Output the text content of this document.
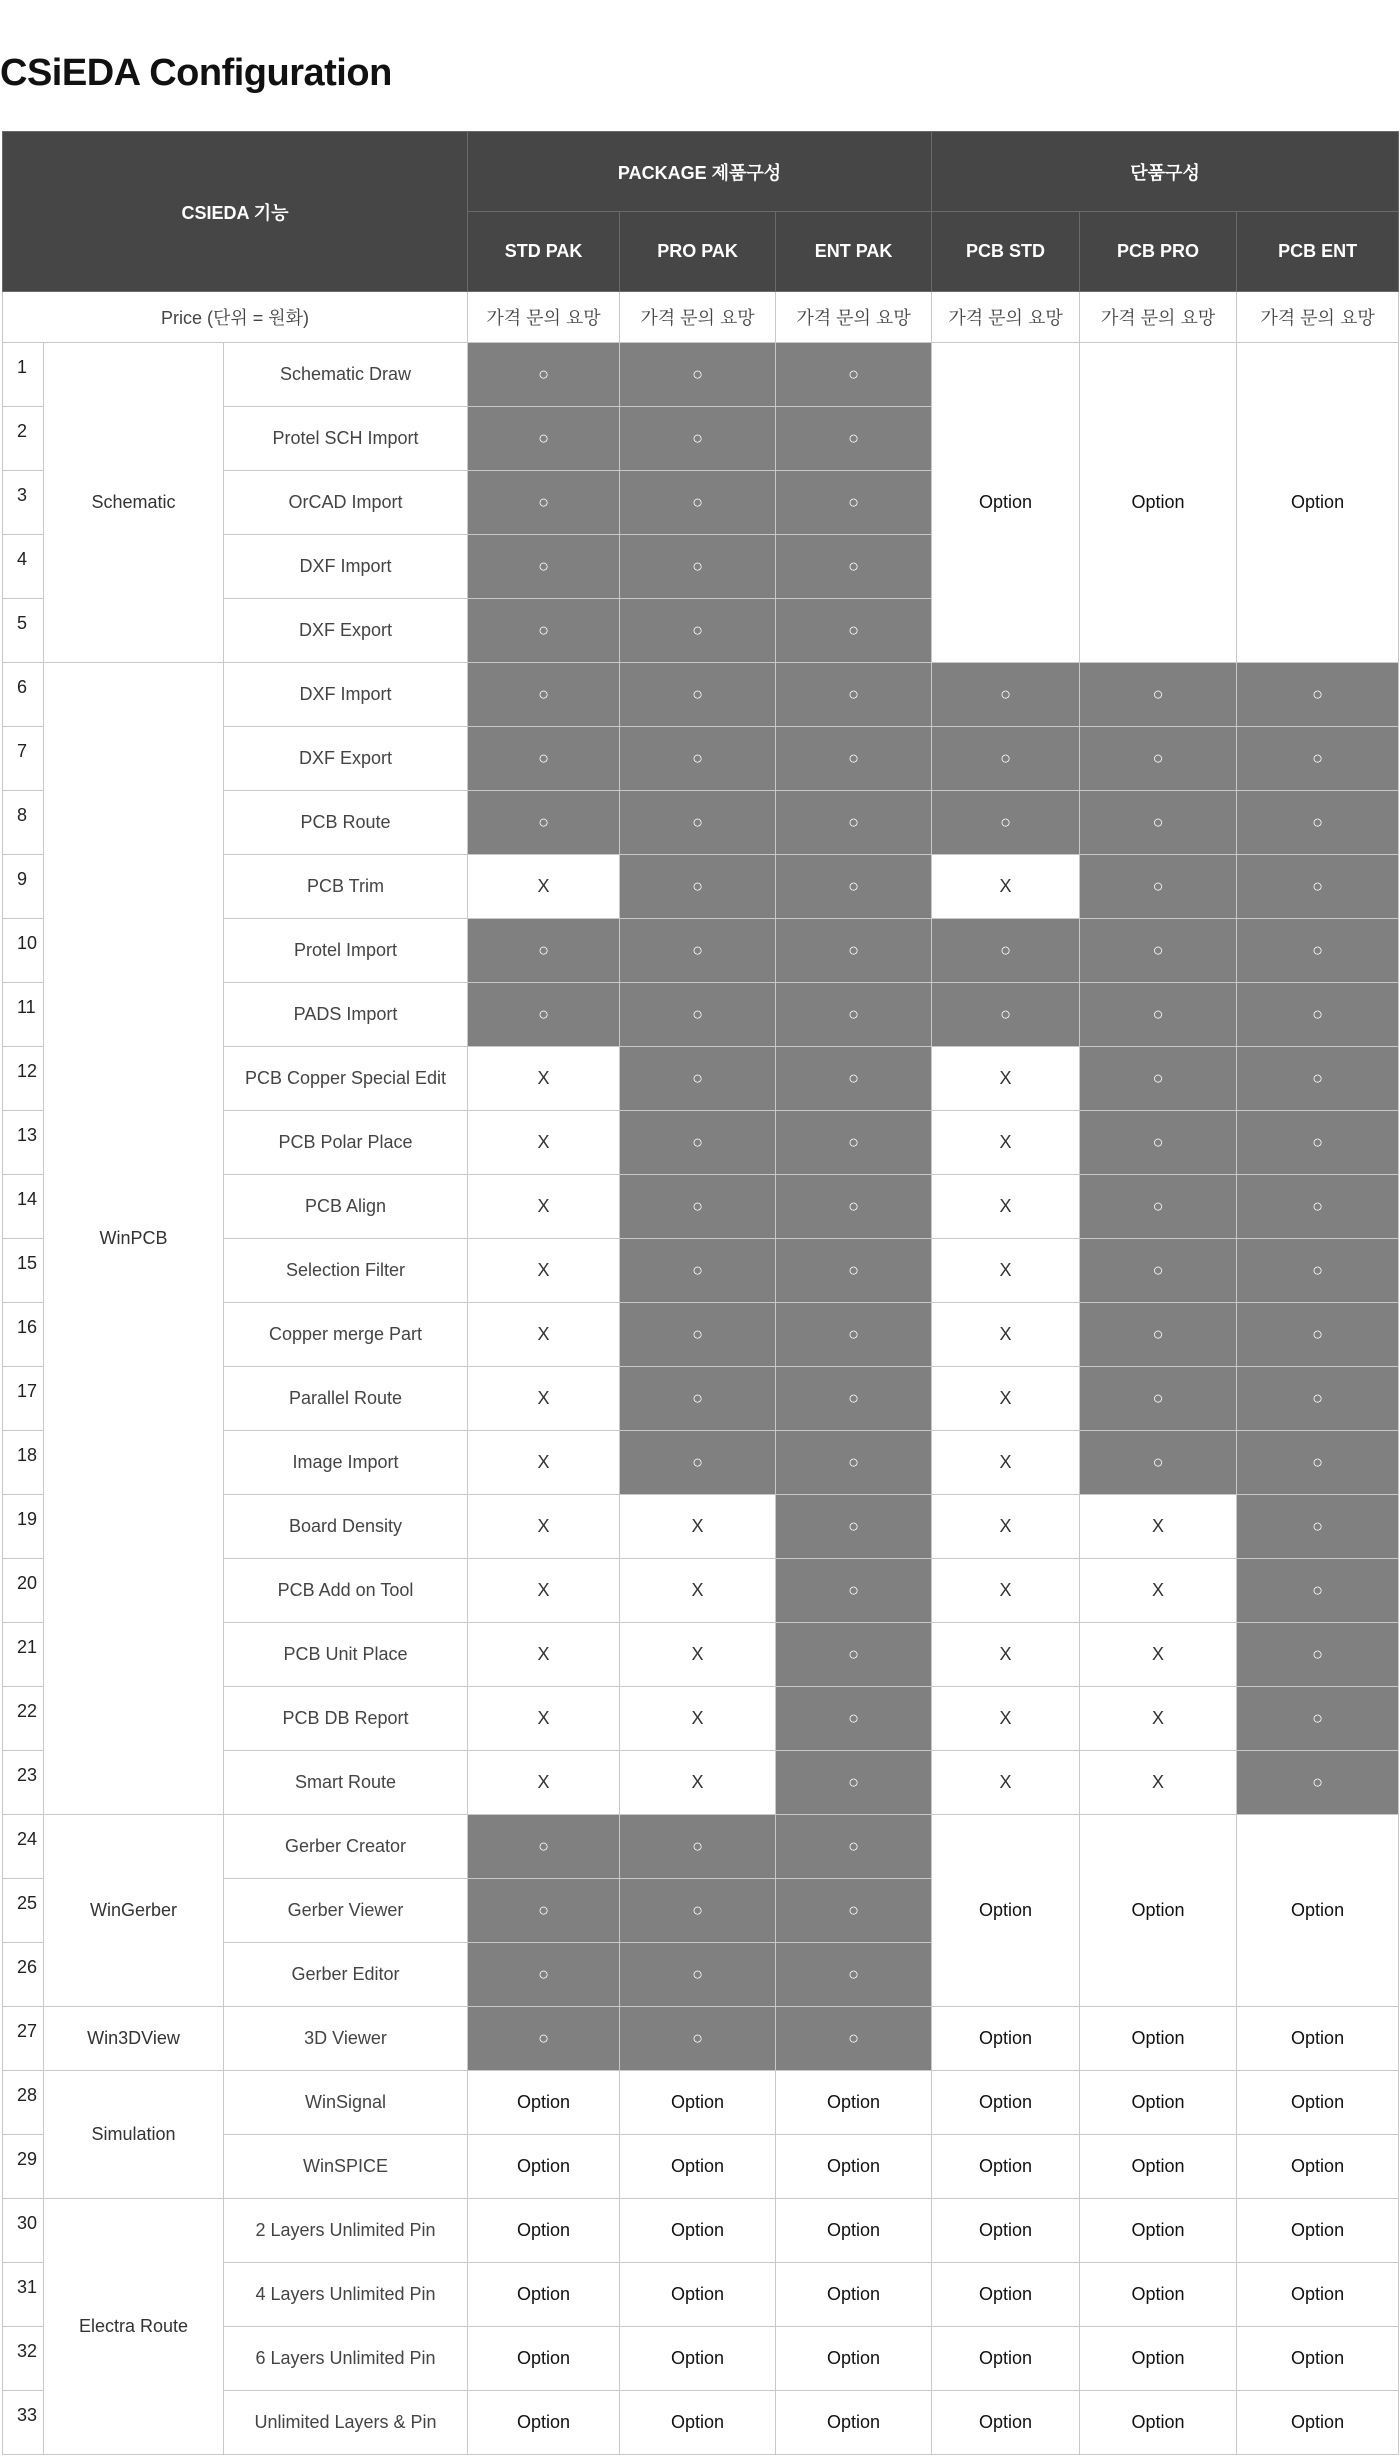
CSiEDA Configuration
CSIEDA 기능			PACKAGE 제품구성			단품구성		
			STD PAK	PRO PAK	ENT PAK	PCB STD	PCB PRO	PCB ENT
Price (단위 = 원화)			가격 문의 요망	가격 문의 요망	가격 문의 요망	가격 문의 요망	가격 문의 요망	가격 문의 요망
1	Schematic	Schematic Draw	○	○	○	Option	Option	Option
2		Protel SCH Import	○	○	○			
3		OrCAD Import	○	○	○			
4		DXF Import	○	○	○			
5		DXF Export	○	○	○			
6	WinPCB	DXF Import	○	○	○	○	○	○
7		DXF Export	○	○	○	○	○	○
8		PCB Route	○	○	○	○	○	○
9		PCB Trim	X	○	○	X	○	○
10		Protel Import	○	○	○	○	○	○
11		PADS Import	○	○	○	○	○	○
12		PCB Copper Special Edit	X	○	○	X	○	○
13		PCB Polar Place	X	○	○	X	○	○
14		PCB Align	X	○	○	X	○	○
15		Selection Filter	X	○	○	X	○	○
16		Copper merge Part	X	○	○	X	○	○
17		Parallel Route	X	○	○	X	○	○
18		Image Import	X	○	○	X	○	○
19		Board Density	X	X	○	X	X	○
20		PCB Add on Tool	X	X	○	X	X	○
21		PCB Unit Place	X	X	○	X	X	○
22		PCB DB Report	X	X	○	X	X	○
23		Smart Route	X	X	○	X	X	○
24	WinGerber	Gerber Creator	○	○	○	Option	Option	Option
25		Gerber Viewer	○	○	○			
26		Gerber Editor	○	○	○			
27	Win3DView	3D Viewer	○	○	○	Option	Option	Option
28	Simulation	WinSignal	Option	Option	Option	Option	Option	Option
29		WinSPICE	Option	Option	Option	Option	Option	Option
30	Electra Route	2 Layers Unlimited Pin	Option	Option	Option	Option	Option	Option
31		4 Layers Unlimited Pin	Option	Option	Option	Option	Option	Option
32		6 Layers Unlimited Pin	Option	Option	Option	Option	Option	Option
33		Unlimited Layers & Pin	Option	Option	Option	Option	Option	Option
